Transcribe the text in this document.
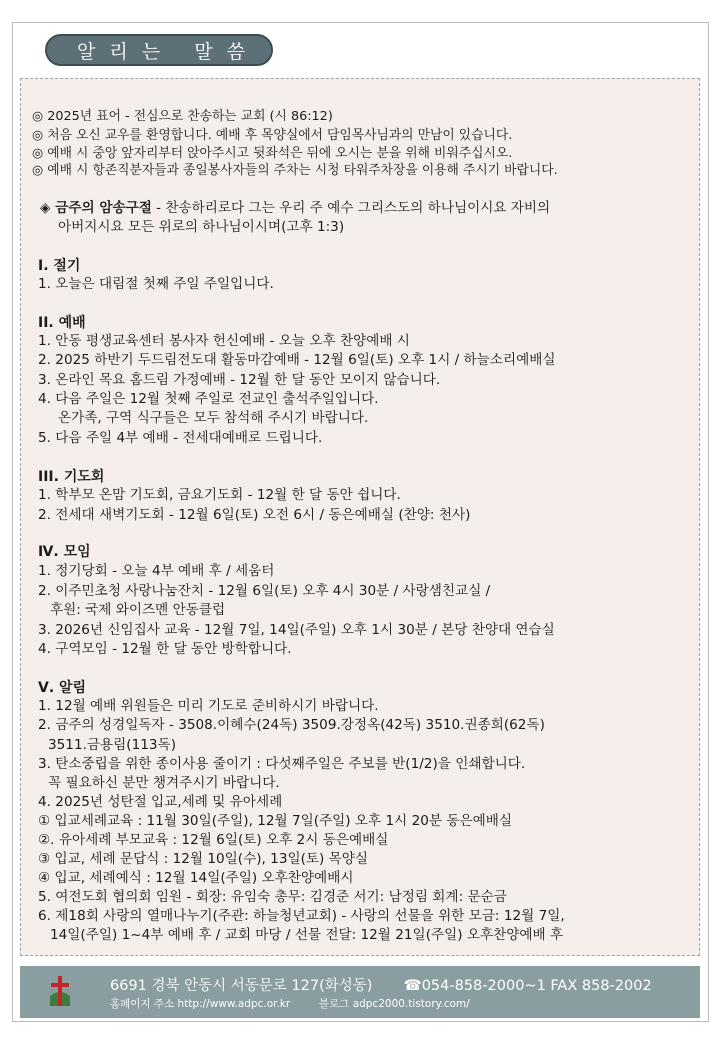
알 리 는   말 씀
◎ 2025년 표어 - 전심으로 찬송하는 교회 (시 86:12)
◎ 처음 오신 교우를 환영합니다. 예배 후 목양실에서 담임목사님과의 만남이 있습니다.
◎ 예배 시 중앙 앞자리부터 앉아주시고 뒷좌석은 뒤에 오시는 분을 위해 비워주십시오.
◎ 예배 시 항존직분자들과 종일봉사자들의 주차는 시청 타워주차장을 이용해 주시기 바랍니다.
◈ 금주의 암송구절 - 찬송하리로다 그는 우리 주 예수 그리스도의 하나님이시요 자비의
아버지시요 모든 위로의 하나님이시며(고후 1:3)
I. 절기
1. 오늘은 대림절 첫째 주일 주일입니다.
II. 예배
1. 안동 평생교육센터 봉사자 헌신예배 - 오늘 오후 찬양예배 시
2. 2025 하반기 두드림전도대 활동마감예배 - 12월 6일(토) 오후 1시 / 하늘소리예배실
3. 온라인 목요 홈드림 가정예배 - 12월 한 달 동안 모이지 않습니다.
4. 다음 주일은 12월 첫째 주일로 전교인 출석주일입니다.
온가족, 구역 식구들은 모두 참석해 주시기 바랍니다.
5. 다음 주일 4부 예배 - 전세대예배로 드립니다.
III. 기도회
1. 학부모 온맘 기도회, 금요기도회 - 12월 한 달 동안 쉽니다.
2. 전세대 새벽기도회 - 12월 6일(토) 오전 6시 / 동은예배실 (찬양: 천사)
Ⅳ. 모임
1. 정기당회 - 오늘 4부 예배 후 / 세움터
2. 이주민초청 사랑나눔잔치 - 12월 6일(토) 오후 4시 30분 / 사랑샘친교실 /
후원: 국제 와이즈멘 안동클럽
3. 2026년 신임집사 교육 - 12월 7일, 14일(주일) 오후 1시 30분 / 본당 찬양대 연습실
4. 구역모임 - 12월 한 달 동안 방학합니다.
Ⅴ. 알림
1. 12월 예배 위원들은 미리 기도로 준비하시기 바랍니다.
2. 금주의 성경일독자 - 3508.이혜수(24독) 3509.강정옥(42독) 3510.권종희(62독)
3511.금용림(113독)
3. 탄소중립을 위한 종이사용 줄이기 : 다섯째주일은 주보를 반(1/2)을 인쇄합니다.
꼭 필요하신 분만 챙겨주시기 바랍니다.
4. 2025년 성탄절 입교,세례 및 유아세례
① 입교세례교육 : 11월 30일(주일), 12월 7일(주일) 오후 1시 20분 동은예배실
②. 유아세례 부모교육 : 12월 6일(토) 오후 2시 동은예배실
③ 입교, 세례 문답식 : 12월 10일(수), 13일(토) 목양실
④ 입교, 세례예식 : 12월 14일(주일) 오후찬양예배시
5. 여전도회 협의회 임원 - 회장: 유임숙 총무: 김경준 서기: 남정림 회계: 문순금
6. 제18회 사랑의 열매나누기(주관: 하늘청년교회) - 사랑의 선물을 위한 모금: 12월 7일,
14일(주일) 1~4부 예배 후 / 교회 마당 / 선물 전달: 12월 21일(주일) 오후찬양예배 후
6691 경북 안동시 서동문로 127(화성동) ☎054-858-2000~1 FAX 858-2002
홈페이지 주소 http://www.adpc.or.kr	블로그 adpc2000.tistory.com/
